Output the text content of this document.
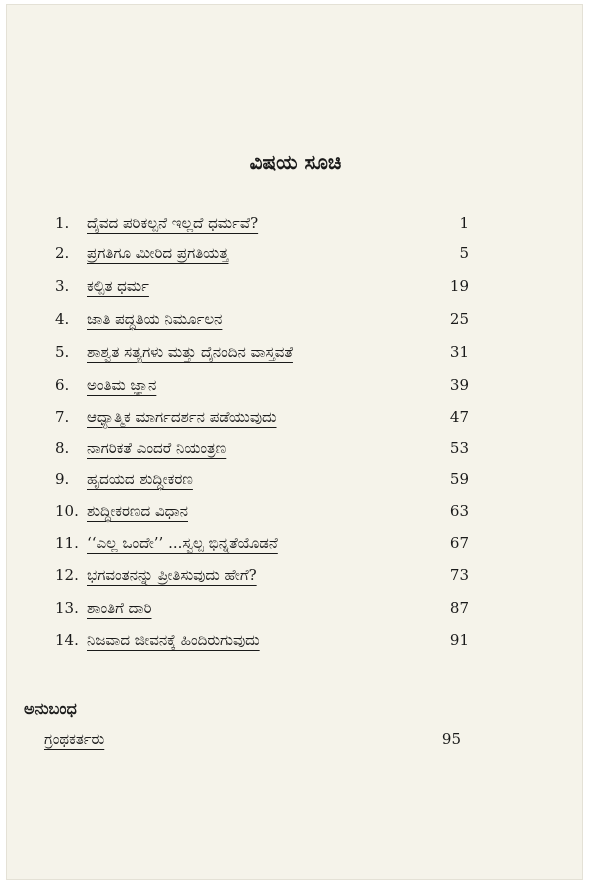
ವಿಷಯ ಸೂಚಿ
1. ದೈವದ ಪರಿಕಲ್ಪನೆ ಇಲ್ಲದೆ ಧರ್ಮವೆ?	1
2. ಪ್ರಗತಿಗೂ ಮೀರಿದ ಪ್ರಗತಿಯತ್ತ	5
3. ಕಲ್ಪಿತ ಧರ್ಮ	19
4. ಜಾತಿ ಪದ್ಧತಿಯ ನಿರ್ಮೂಲನ	25
5. ಶಾಶ್ವತ ಸತ್ಯಗಳು ಮತ್ತು ದೈನಂದಿನ ವಾಸ್ತವತೆ	31
6. ಅಂತಿಮ ಜ್ಞಾನ	39
7. ಆಧ್ಯಾತ್ಮಿಕ ಮಾರ್ಗದರ್ಶನ ಪಡೆಯುವುದು	47
8. ನಾಗರಿಕತೆ ಎಂದರೆ ನಿಯಂತ್ರಣ	53
9. ಹೃದಯದ ಶುದ್ಧೀಕರಣ	59
10. ಶುದ್ಧೀಕರಣದ ವಿಧಾನ	63
11. ‘‘ಎಲ್ಲ ಒಂದೇ’’ ...ಸ್ವಲ್ಪ ಭಿನ್ನತೆಯೊಡನೆ	67
12. ಭಗವಂತನನ್ನು ಪ್ರೀತಿಸುವುದು ಹೇಗೆ?	73
13. ಶಾಂತಿಗೆ ದಾರಿ	87
14. ನಿಜವಾದ ಜೀವನಕ್ಕೆ ಹಿಂದಿರುಗುವುದು	91
ಅನುಬಂಧ
ಗ್ರಂಥಕರ್ತರು	95
